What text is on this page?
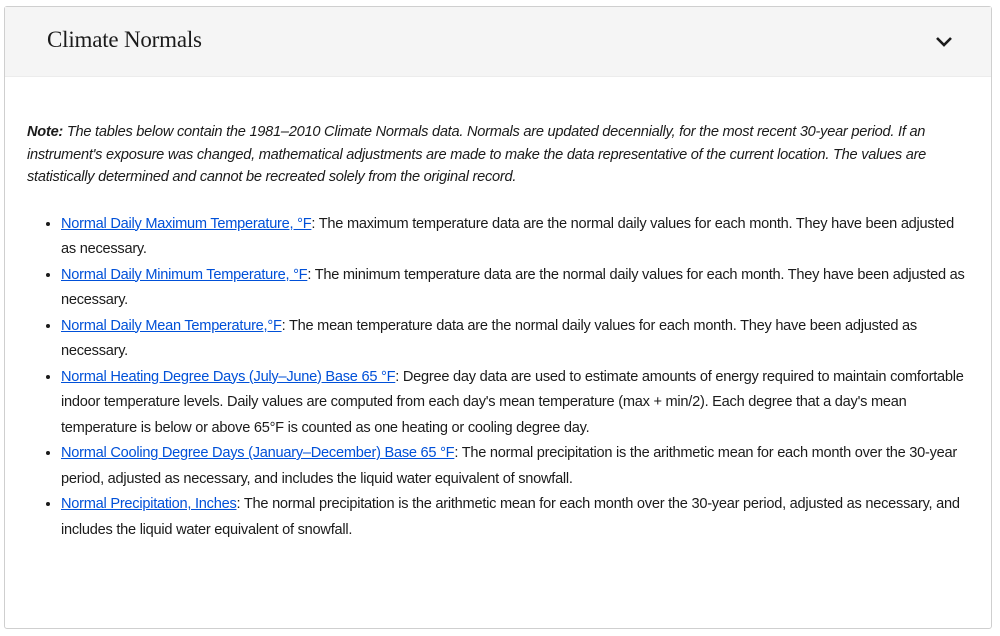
Climate Normals

Note: The tables below contain the 1981–2010 Climate Normals data. Normals are updated decennially, for the most recent 30-year period. If an instrument's exposure was changed, mathematical adjustments are made to make the data representative of the current location. The values are statistically determined and cannot be recreated solely from the original record.

• Normal Daily Maximum Temperature, °F: The maximum temperature data are the normal daily values for each month. They have been adjusted as necessary.
• Normal Daily Minimum Temperature, °F: The minimum temperature data are the normal daily values for each month. They have been adjusted as necessary.
• Normal Daily Mean Temperature,°F: The mean temperature data are the normal daily values for each month. They have been adjusted as necessary.
• Normal Heating Degree Days (July–June) Base 65 °F: Degree day data are used to estimate amounts of energy required to maintain comfortable indoor temperature levels. Daily values are computed from each day's mean temperature (max + min/2). Each degree that a day's mean temperature is below or above 65°F is counted as one heating or cooling degree day.
• Normal Cooling Degree Days (January–December) Base 65 °F: The normal precipitation is the arithmetic mean for each month over the 30-year period, adjusted as necessary, and includes the liquid water equivalent of snowfall.
• Normal Precipitation, Inches: The normal precipitation is the arithmetic mean for each month over the 30-year period, adjusted as necessary, and includes the liquid water equivalent of snowfall.
